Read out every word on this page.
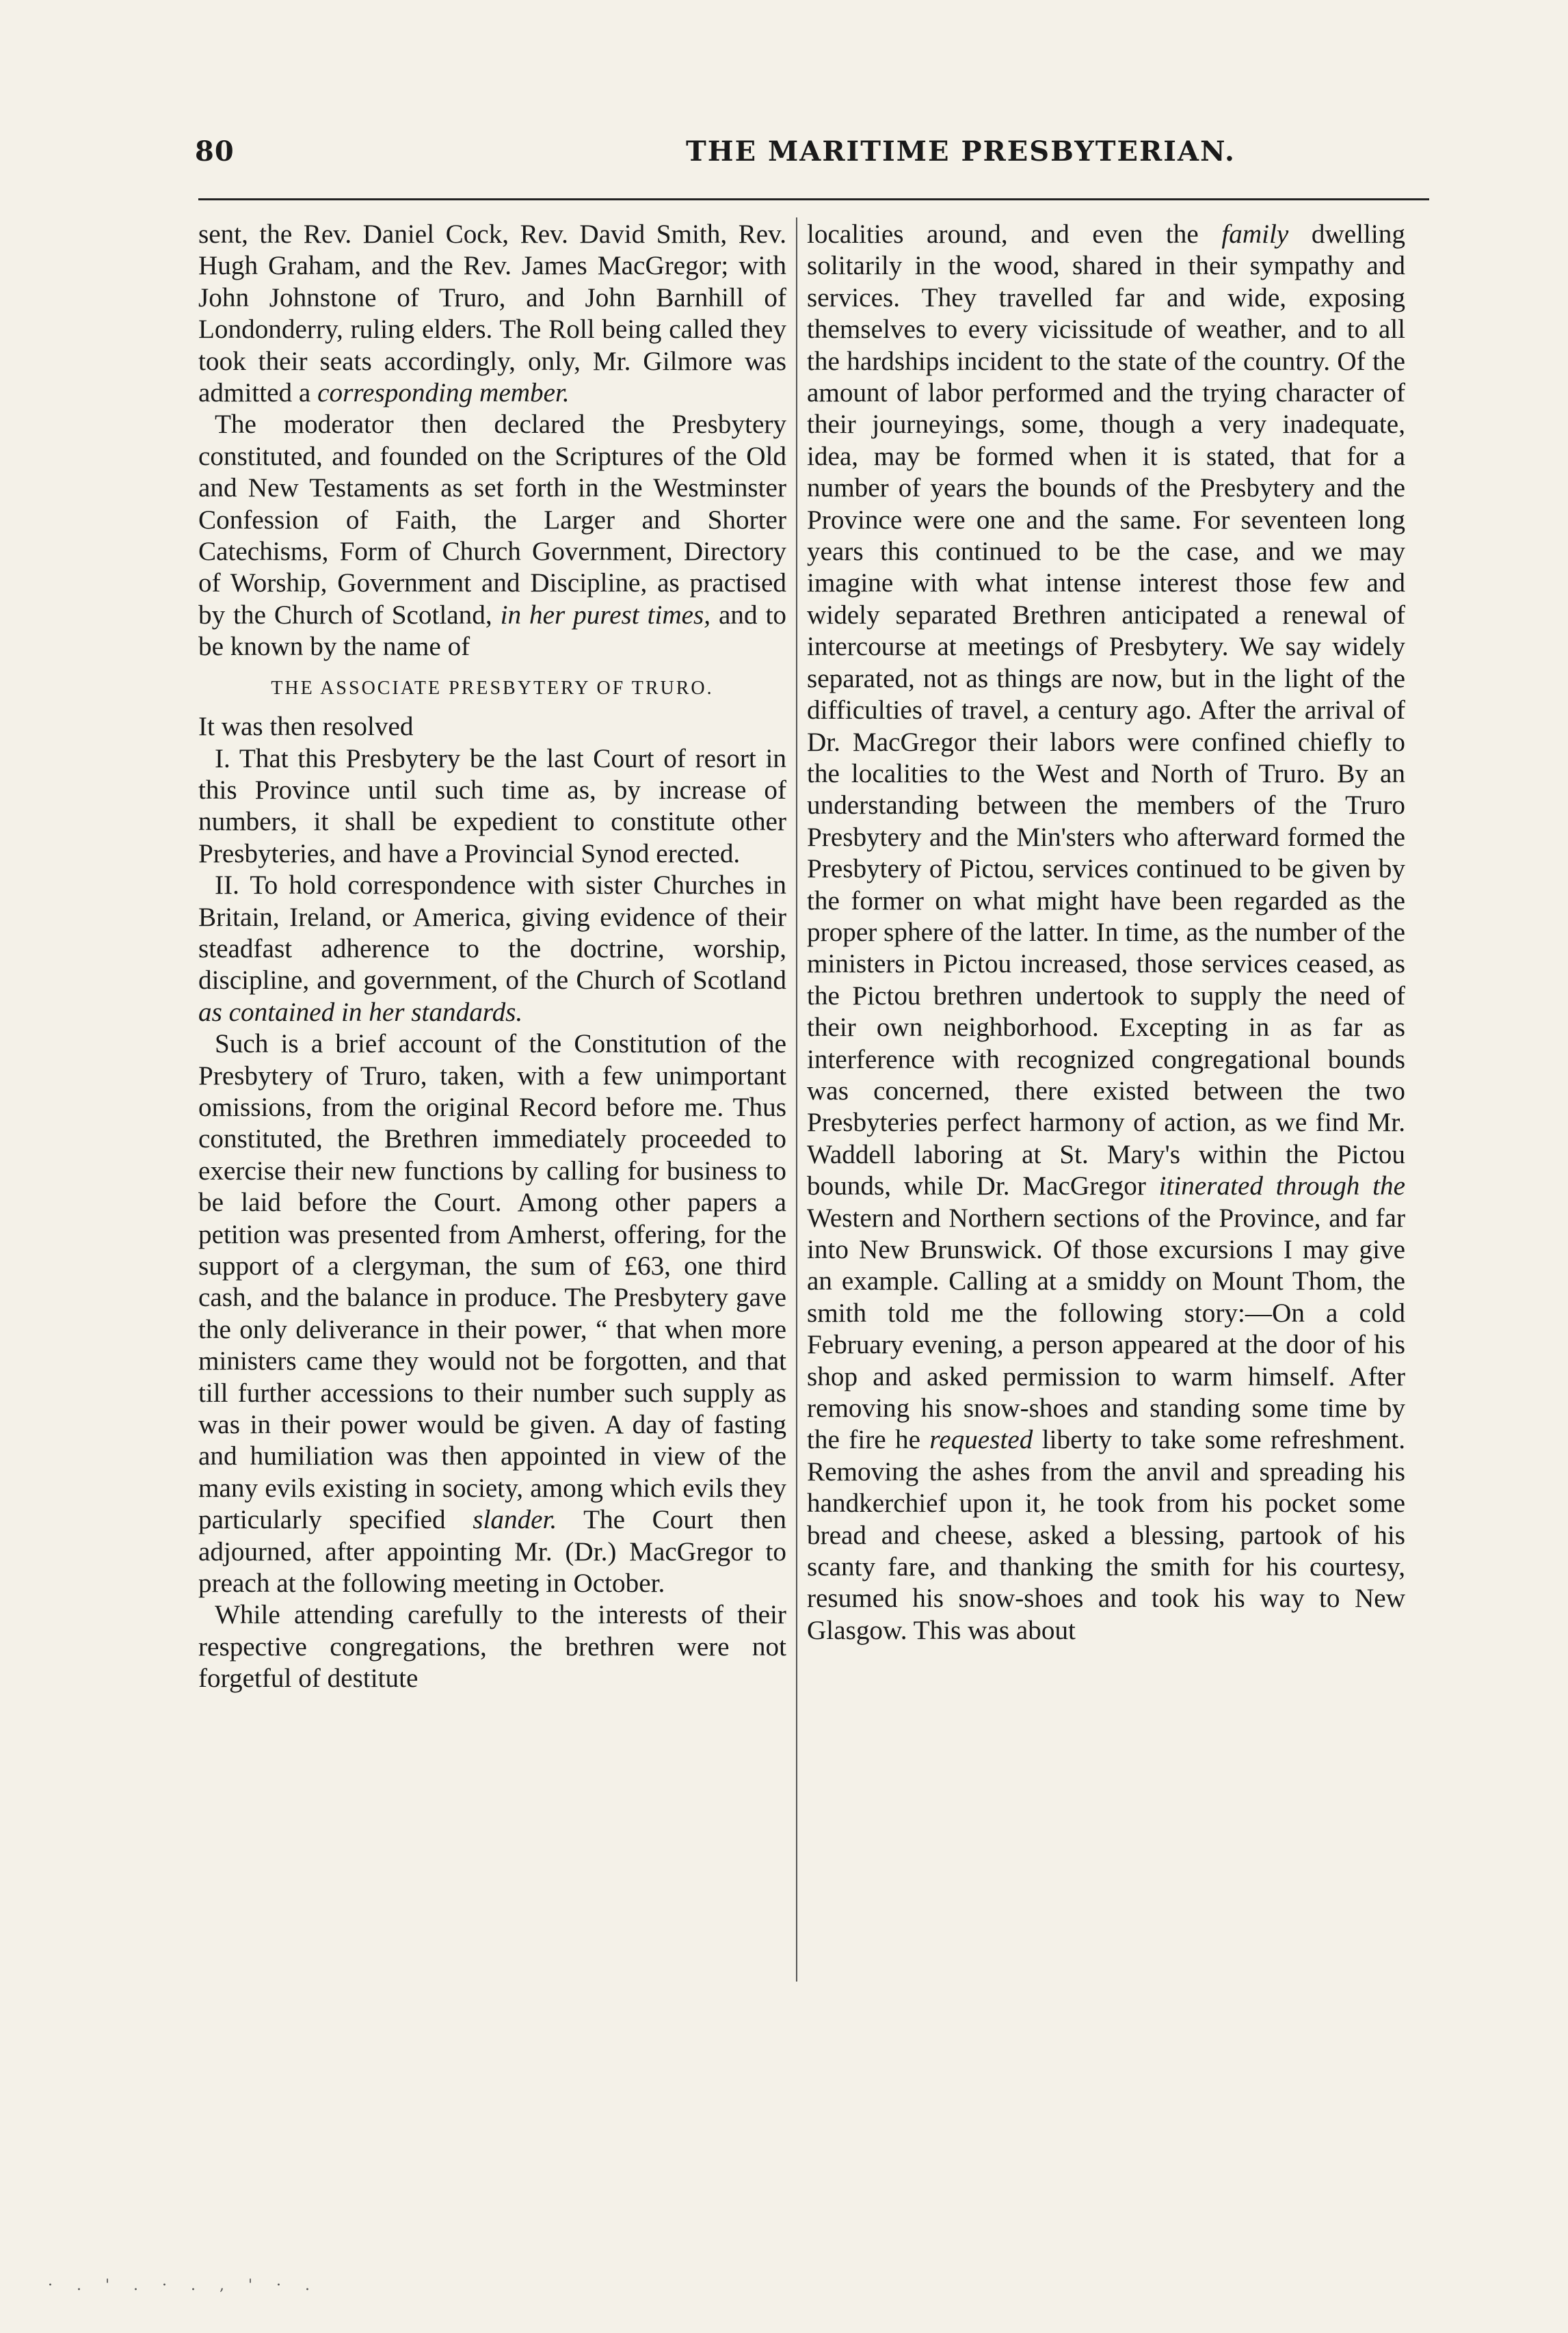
80	THE MARITIME PRESBYTERIAN.

sent, the Rev. Daniel Cock, Rev. David Smith, Rev. Hugh Graham, and the Rev. James MacGregor; with John Johnstone of Truro, and John Barnhill of Londonderry, ruling elders. The Roll being called they took their seats accordingly, only, Mr. Gilmore was admitted a corresponding member.

The moderator then declared the Presbytery constituted, and founded on the Scriptures of the Old and New Testaments as set forth in the Westminster Confession of Faith, the Larger and Shorter Catechisms, Form of Church Government, Directory of Worship, Government and Discipline, as practised by the Church of Scotland, in her purest times, and to be known by the name of

THE ASSOCIATE PRESBYTERY OF TRURO.

It was then resolved

I. That this Presbytery be the last Court of resort in this Province until such time as, by increase of numbers, it shall be expedient to constitute other Presbyteries, and have a Provincial Synod erected.

II. To hold correspondence with sister Churches in Britain, Ireland, or America, giving evidence of their steadfast adherence to the doctrine, worship, discipline, and government, of the Church of Scotland as contained in her standards.

Such is a brief account of the Constitution of the Presbytery of Truro, taken, with a few unimportant omissions, from the original Record before me. Thus constituted, the Brethren immediately proceeded to exercise their new functions by calling for business to be laid before the Court. Among other papers a petition was presented from Amherst, offering, for the support of a clergyman, the sum of £63, one third cash, and the balance in produce. The Presbytery gave the only deliverance in their power, “ that when more ministers came they would not be forgotten, and that till further accessions to their number such supply as was in their power would be given. A day of fasting and humiliation was then appointed in view of the many evils existing in society, among which evils they particularly specified slander. The Court then adjourned, after appointing Mr. (Dr.) MacGregor to preach at the following meeting in October.

While attending carefully to the interests of their respective congregations, the brethren were not forgetful of destitute

localities around, and even the family dwelling solitarily in the wood, shared in their sympathy and services. They travelled far and wide, exposing themselves to every vicissitude of weather, and to all the hardships incident to the state of the country. Of the amount of labor performed and the trying character of their journeyings, some, though a very inadequate, idea, may be formed when it is stated, that for a number of years the bounds of the Presbytery and the Province were one and the same. For seventeen long years this continued to be the case, and we may imagine with what intense interest those few and widely separated Brethren anticipated a renewal of intercourse at meetings of Presbytery. We say widely separated, not as things are now, but in the light of the difficulties of travel, a century ago. After the arrival of Dr. MacGregor their labors were confined chiefly to the localities to the West and North of Truro. By an understanding between the members of the Truro Presbytery and the Min'sters who afterward formed the Presbytery of Pictou, services continued to be given by the former on what might have been regarded as the proper sphere of the latter. In time, as the number of the ministers in Pictou increased, those services ceased, as the Pictou brethren undertook to supply the need of their own neighborhood. Excepting in as far as interference with recognized congregational bounds was concerned, there existed between the two Presbyteries perfect harmony of action, as we find Mr. Waddell laboring at St. Mary's within the Pictou bounds, while Dr. MacGregor itinerated through the Western and Northern sections of the Province, and far into New Brunswick. Of those excursions I may give an example. Calling at a smiddy on Mount Thom, the smith told me the following story:—On a cold February evening, a person appeared at the door of his shop and asked permission to warm himself. After removing his snow-shoes and standing some time by the fire he requested liberty to take some refreshment. Removing the ashes from the anvil and spreading his handkerchief upon it, he took from his pocket some bread and cheese, asked a blessing, partook of his scanty fare, and thanking the smith for his courtesy, resumed his snow-shoes and took his way to New Glasgow. This was about

· . ' . · . , ' · .
